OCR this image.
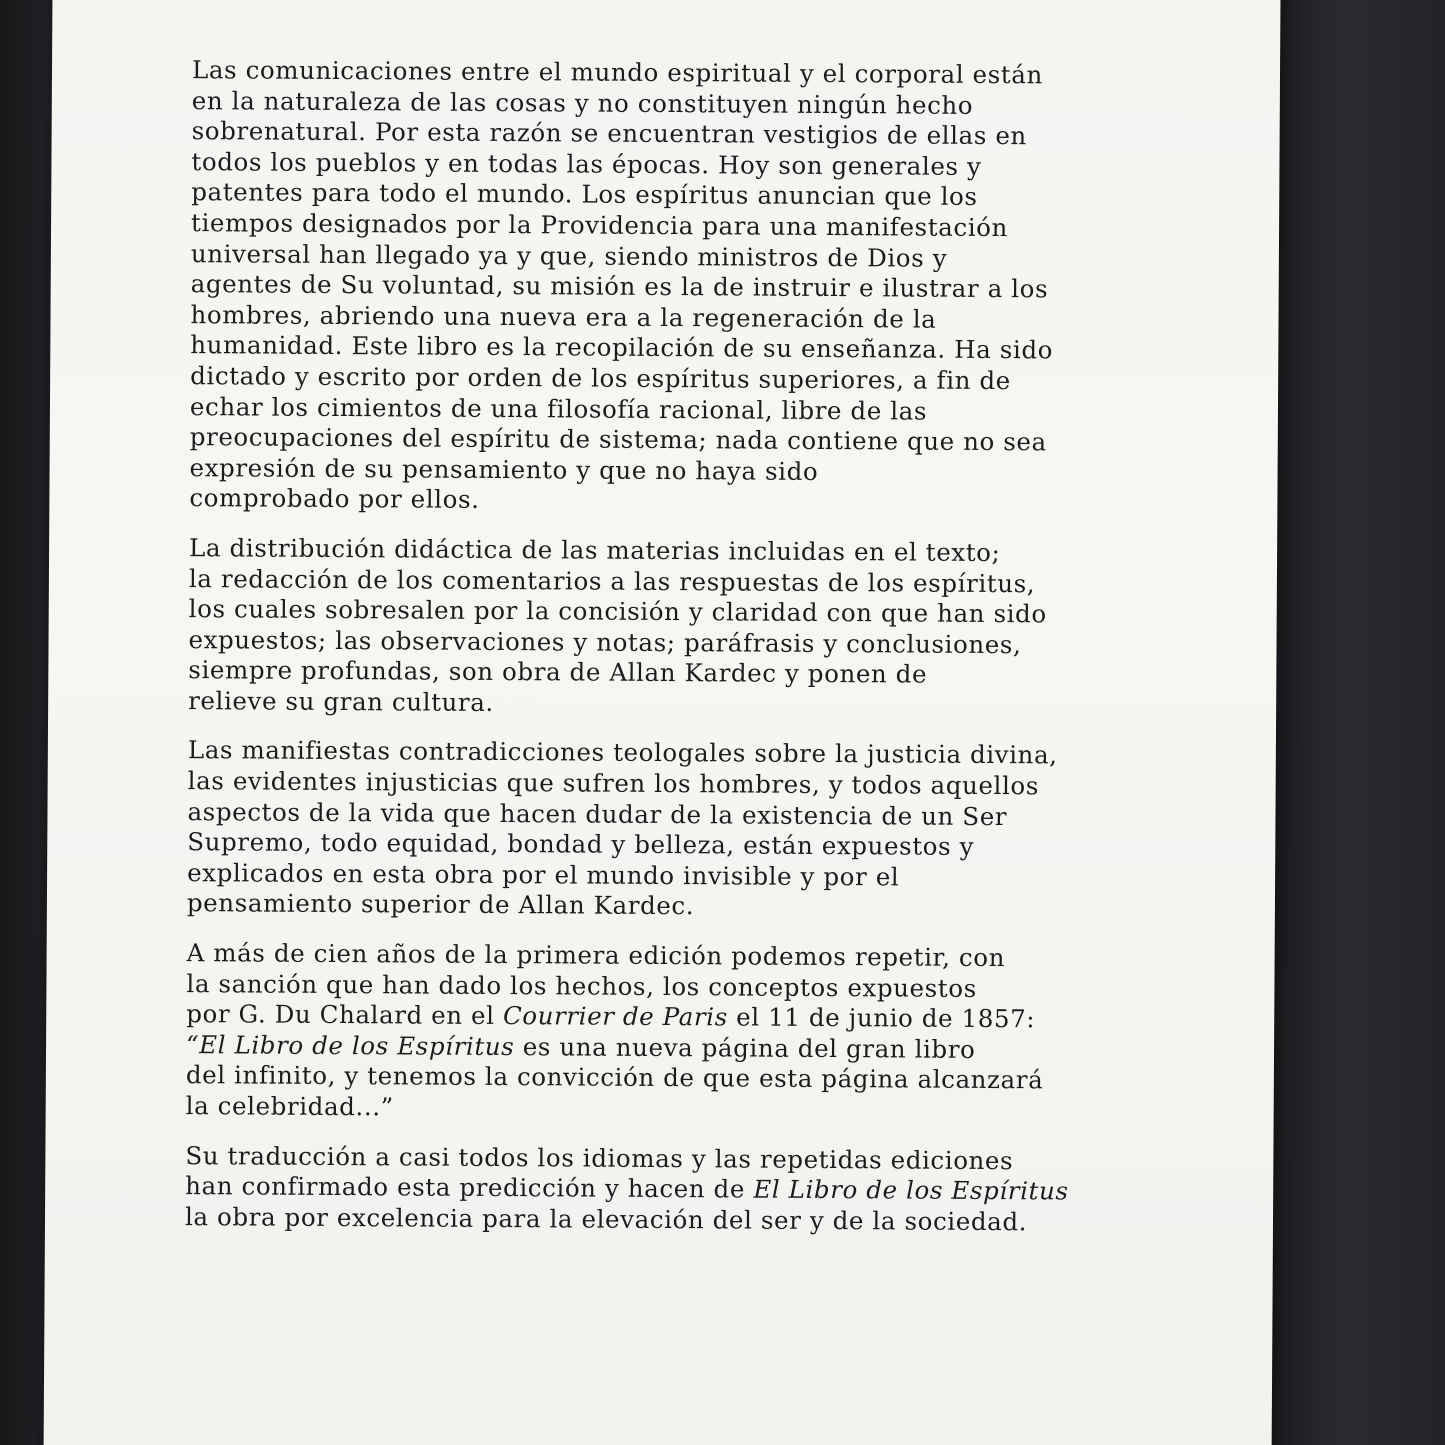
Las comunicaciones entre el mundo espiritual y el corporal están
en la naturaleza de las cosas y no constituyen ningún hecho
sobrenatural. Por esta razón se encuentran vestigios de ellas en
todos los pueblos y en todas las épocas. Hoy son generales y
patentes para todo el mundo. Los espíritus anuncian que los
tiempos designados por la Providencia para una manifestación
universal han llegado ya y que, siendo ministros de Dios y
agentes de Su voluntad, su misión es la de instruir e ilustrar a los
hombres, abriendo una nueva era a la regeneración de la
humanidad. Este libro es la recopilación de su enseñanza. Ha sido
dictado y escrito por orden de los espíritus superiores, a fin de
echar los cimientos de una filosofía racional, libre de las
preocupaciones del espíritu de sistema; nada contiene que no sea
expresión de su pensamiento y que no haya sido
comprobado por ellos.

La distribución didáctica de las materias incluidas en el texto;
la redacción de los comentarios a las respuestas de los espíritus,
los cuales sobresalen por la concisión y claridad con que han sido
expuestos; las observaciones y notas; paráfrasis y conclusiones,
siempre profundas, son obra de Allan Kardec y ponen de
relieve su gran cultura.

Las manifiestas contradicciones teologales sobre la justicia divina,
las evidentes injusticias que sufren los hombres, y todos aquellos
aspectos de la vida que hacen dudar de la existencia de un Ser
Supremo, todo equidad, bondad y belleza, están expuestos y
explicados en esta obra por el mundo invisible y por el
pensamiento superior de Allan Kardec.

A más de cien años de la primera edición podemos repetir, con
la sanción que han dado los hechos, los conceptos expuestos
por G. Du Chalard en el Courrier de Paris el 11 de junio de 1857:
“El Libro de los Espíritus es una nueva página del gran libro
del infinito, y tenemos la convicción de que esta página alcanzará
la celebridad...”

Su traducción a casi todos los idiomas y las repetidas ediciones
han confirmado esta predicción y hacen de El Libro de los Espíritus
la obra por excelencia para la elevación del ser y de la sociedad.
